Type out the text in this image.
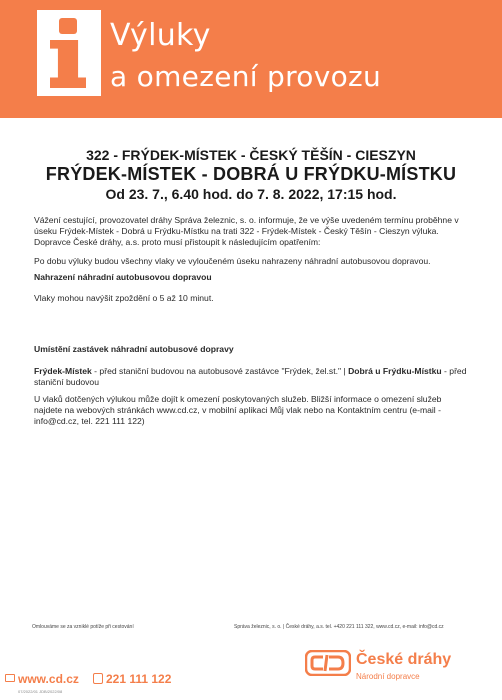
Výluky
a omezení provozu
322 - FRÝDEK-MÍSTEK - ČESKÝ TĚŠÍN - CIESZYN
FRÝDEK-MÍSTEK - DOBRÁ U FRÝDKU-MÍSTKU
Od 23. 7., 6.40 hod. do 7. 8. 2022, 17:15 hod.
Vážení cestující, provozovatel dráhy Správa železnic, s. o. informuje, že ve výše uvedeném termínu proběhne v úseku Frýdek-Místek - Dobrá u Frýdku-Místku na trati 322 - Frýdek-Místek - Český Těšín - Cieszyn výluka. Dopravce České dráhy, a.s. proto musí přistoupit k následujícím opatřením:
Po dobu výluky budou všechny vlaky ve vyloučeném úseku nahrazeny náhradní autobusovou dopravou.
Nahrazení náhradní autobusovou dopravou
Vlaky mohou navýšit zpoždění o 5 až 10 minut.
Umístění zastávek náhradní autobusové dopravy
Frýdek-Místek - před staniční budovou na autobusové zastávce "Frýdek, žel.st." | Dobrá u Frýdku-Místku - před staniční budovou
U vlaků dotčených výlukou může dojít k omezení poskytovaných služeb. Bližší informace o omezení služeb najdete na webových stránkách www.cd.cz, v mobilní aplikaci Můj vlak nebo na Kontaktním centru (e-mail - info@cd.cz, tel. 221 111 122)
Omlouváme se za vzniklé potíže při cestování	Správa železnic, s. o. | České dráhy, a.s. tel. +420 221 111 322, www.cd.cz, e-mail: info@cd.cz
www.cd.cz 221 111 122
07/2022/01 JDB/2022/08
České dráhy
Národní dopravce
